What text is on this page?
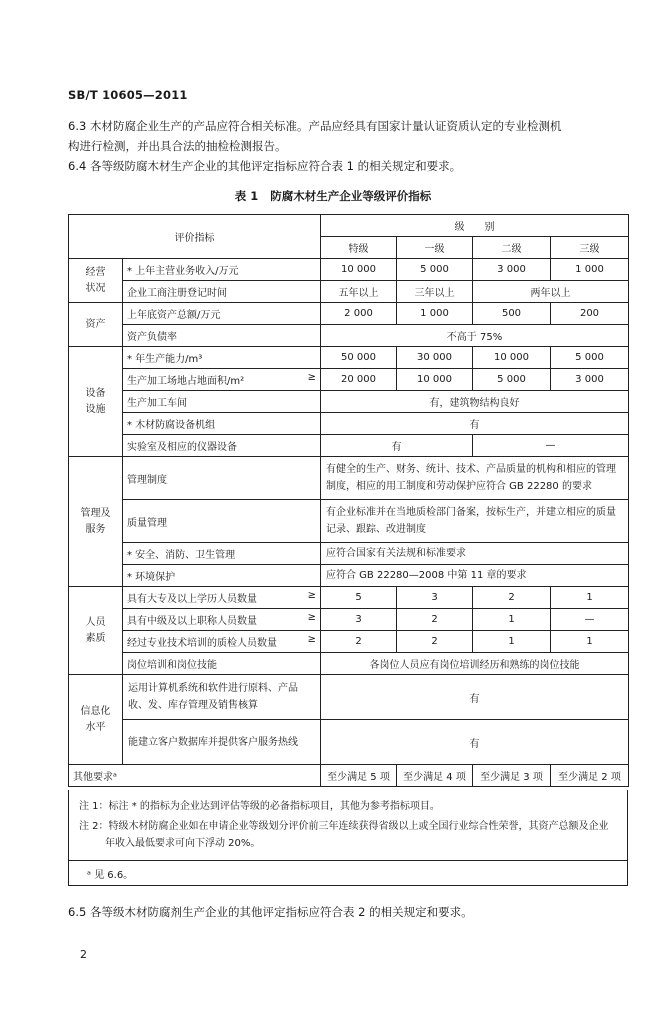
SB/T 10605—2011
6.3 木材防腐企业生产的产品应符合相关标准。产品应经具有国家计量认证资质认定的专业检测机
构进行检测，并出具合法的抽检检测报告。
6.4 各等级防腐木材生产企业的其他评定指标应符合表 1 的相关规定和要求。
表 1 防腐木材生产企业等级评价指标
评价指标		级　　别			
		特级	一级	二级	三级
经营
状况	* 上年主营业务收入/万元	10 000	5 000	3 000	1 000
	企业工商注册登记时间	五年以上	三年以上	两年以上	
资产	上年底资产总额/万元	2 000	1 000	500	200
	资产负债率	不高于 75%			
设备
设施	* 年生产能力/m³	50 000	30 000	10 000	5 000
	生产加工场地占地面积/m² ≥	20 000	10 000	5 000	3 000
	生产加工车间	有，建筑物结构良好			
	* 木材防腐设备机组	有			
	实验室及相应的仪器设备	有		—	
管理及
服务	管理制度	有健全的生产、财务、统计、技术、产品质量的机构和相应的管理制度，相应的用工制度和劳动保护应符合 GB 22280 的要求			
	质量管理	有企业标准并在当地质检部门备案，按标生产，并建立相应的质量记录、跟踪、改进制度			
	* 安全、消防、卫生管理	应符合国家有关法规和标准要求			
	* 环境保护	应符合 GB 22280—2008 中第 11 章的要求			
人员
素质	具有大专及以上学历人员数量 ≥	5	3	2	1
	具有中级及以上职称人员数量 ≥	3	2	1	—
	经过专业技术培训的质检人员数量 ≥	2	2	1	1
	岗位培训和岗位技能	各岗位人员应有岗位培训经历和熟练的岗位技能			
信息化
水平	运用计算机系统和软件进行原料、产品收、发、库存管理及销售核算	有			
	能建立客户数据库并提供客户服务热线	有			
其他要求ᵃ		至少满足 5 项	至少满足 4 项	至少满足 3 项	至少满足 2 项
注 1：标注 * 的指标为企业达到评估等级的必备指标项目，其他为参考指标项目。
注 2：特级木材防腐企业如在申请企业等级划分评价前三年连续获得省级以上或全国行业综合性荣誉，其资产总额及企业年收入最低要求可向下浮动 20%。
ᵃ 见 6.6。
6.5 各等级木材防腐剂生产企业的其他评定指标应符合表 2 的相关规定和要求。
2
